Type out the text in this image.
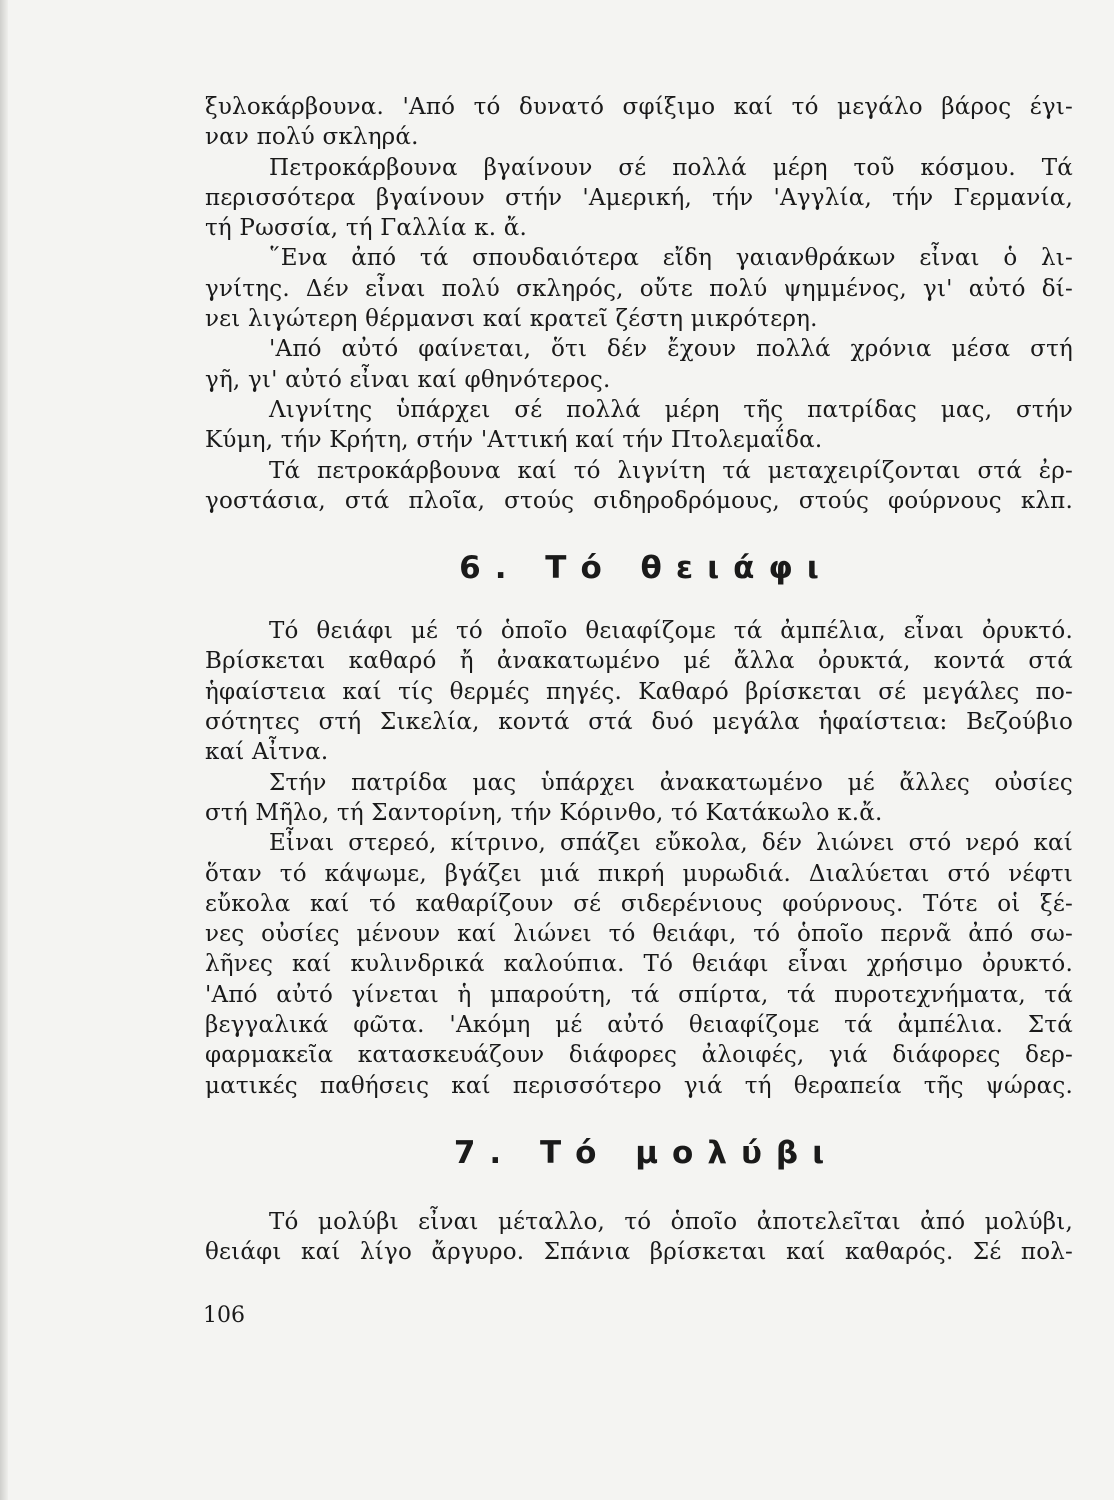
ξυλοκάρβουνα. 'Από τό δυνατό σφίξιμο καί τό μεγάλο βάρος έγι-
ναν πολύ σκληρά.
Πετροκάρβουνα βγαίνουν σέ πολλά μέρη τοῦ κόσμου. Τά
περισσότερα βγαίνουν στήν 'Αμερική, τήν 'Αγγλία, τήν Γερμανία,
τή Ρωσσία, τή Γαλλία κ. ἄ.
῞Ενα ἀπό τά σπουδαιότερα εἴδη γαιανθράκων εἶναι ὁ λι-
γνίτης. Δέν εἶναι πολύ σκληρός, οὔτε πολύ ψημμένος, γι' αὐτό δί-
νει λιγώτερη θέρμανσι καί κρατεῖ ζέστη μικρότερη.
'Από αὐτό φαίνεται, ὅτι δέν ἔχουν πολλά χρόνια μέσα στή
γῆ, γι' αὐτό εἶναι καί φθηνότερος.
Λιγνίτης ὑπάρχει σέ πολλά μέρη τῆς πατρίδας μας, στήν
Κύμη, τήν Κρήτη, στήν 'Αττική καί τήν Πτολεμαΐδα.
Τά πετροκάρβουνα καί τό λιγνίτη τά μεταχειρίζονται στά ἐρ-
γοστάσια, στά πλοῖα, στούς σιδηροδρόμους, στούς φούρνους κλπ.
6. Τό θειάφι
Τό θειάφι μέ τό ὁποῖο θειαφίζομε τά ἀμπέλια, εἶναι ὀρυκτό.
Βρίσκεται καθαρό ἤ ἀνακατωμένο μέ ἄλλα ὀρυκτά, κοντά στά
ἡφαίστεια καί τίς θερμές πηγές. Καθαρό βρίσκεται σέ μεγάλες πο-
σότητες στή Σικελία, κοντά στά δυό μεγάλα ἡφαίστεια: Βεζούβιο
καί Αἶτνα.
Στήν πατρίδα μας ὑπάρχει ἀνακατωμένο μέ ἄλλες οὐσίες
στή Μῆλο, τή Σαντορίνη, τήν Κόρινθο, τό Κατάκωλο κ.ἄ.
Εἶναι στερεό, κίτρινο, σπάζει εὔκολα, δέν λιώνει στό νερό καί
ὅταν τό κάψωμε, βγάζει μιά πικρή μυρωδιά. Διαλύεται στό νέφτι
εὔκολα καί τό καθαρίζουν σέ σιδερένιους φούρνους. Τότε οἱ ξέ-
νες οὐσίες μένουν καί λιώνει τό θειάφι, τό ὁποῖο περνᾶ ἀπό σω-
λῆνες καί κυλινδρικά καλούπια. Τό θειάφι εἶναι χρήσιμο ὀρυκτό.
'Από αὐτό γίνεται ἡ μπαρούτη, τά σπίρτα, τά πυροτεχνήματα, τά
βεγγαλικά φῶτα. 'Ακόμη μέ αὐτό θειαφίζομε τά ἀμπέλια. Στά
φαρμακεῖα κατασκευάζουν διάφορες ἀλοιφές, γιά διάφορες δερ-
ματικές παθήσεις καί περισσότερο γιά τή θεραπεία τῆς ψώρας.
7. Τό μολύβι
Τό μολύβι εἶναι μέταλλο, τό ὁποῖο ἀποτελεῖται ἀπό μολύβι,
θειάφι καί λίγο ἄργυρο. Σπάνια βρίσκεται καί καθαρός. Σέ πολ-
106
